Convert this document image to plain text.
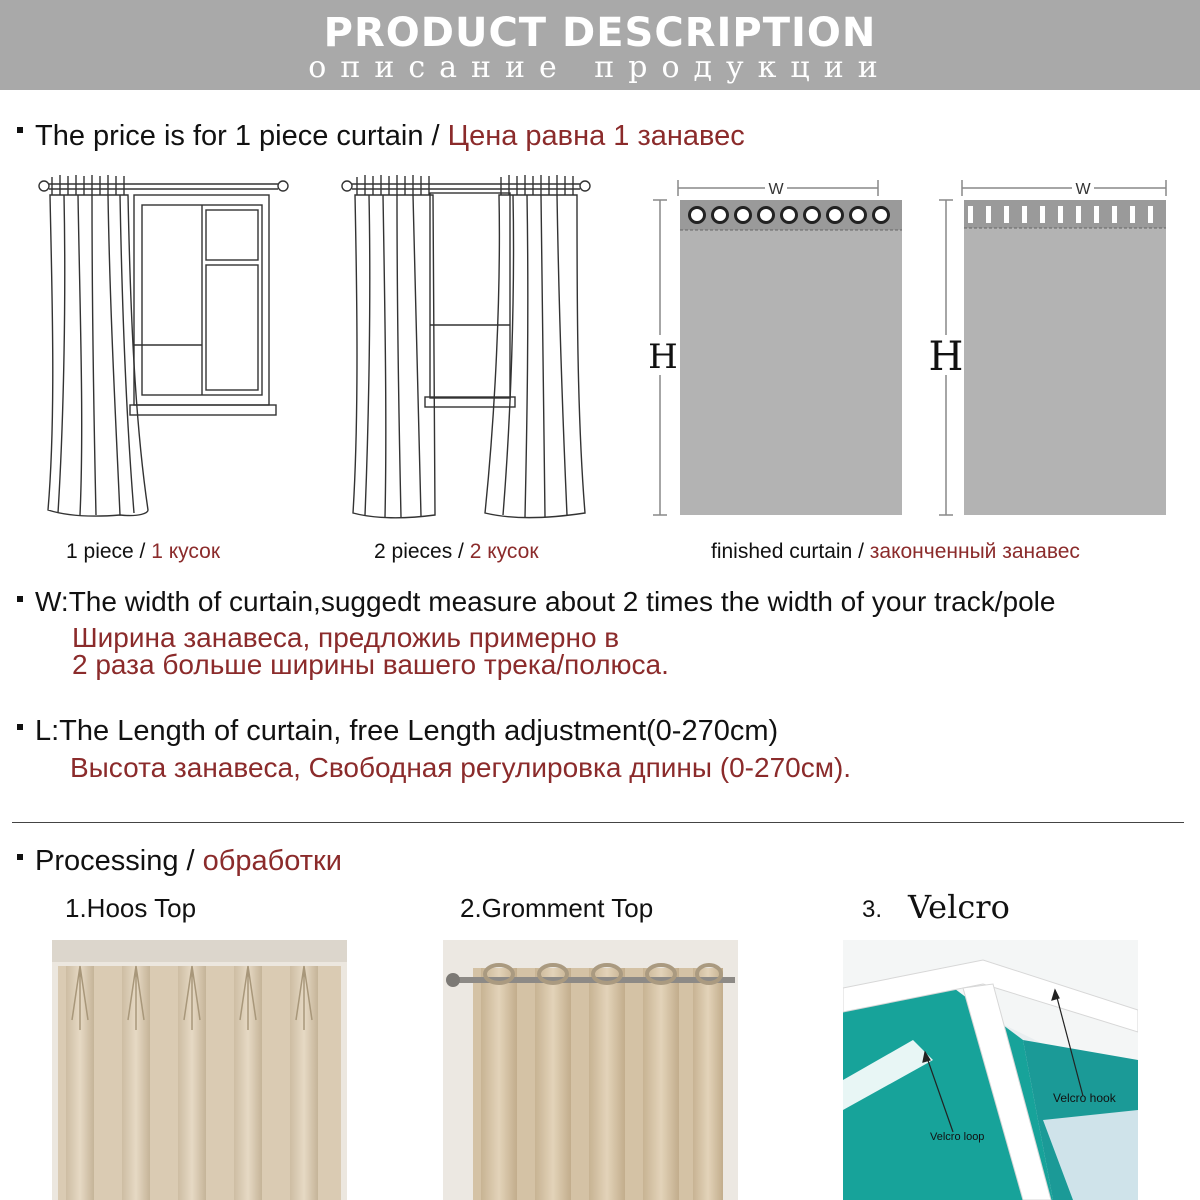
PRODUCT DESCRIPTION
описание продукции
The price is for 1 piece curtain / Цена равна 1 занавес
W
H
W
H
1 piece / 1 кусок	2 pieces / 2 кусок	finished curtain / законченный занавес
W:The width of curtain,suggedt measure about 2 times the width of your track/pole
Ширина занавеса, предложиь примерно в
2 раза больше ширины вашего трека/полюса.
L:The Length of curtain, free Length adjustment(0-270cm)
Высота занавеса, Свободная регулировка дпины (0-270см).
Processing / обработки
1.Hoos Top	2.Gromment Top	3. Velcro
Velcro hook
Velcro loop
